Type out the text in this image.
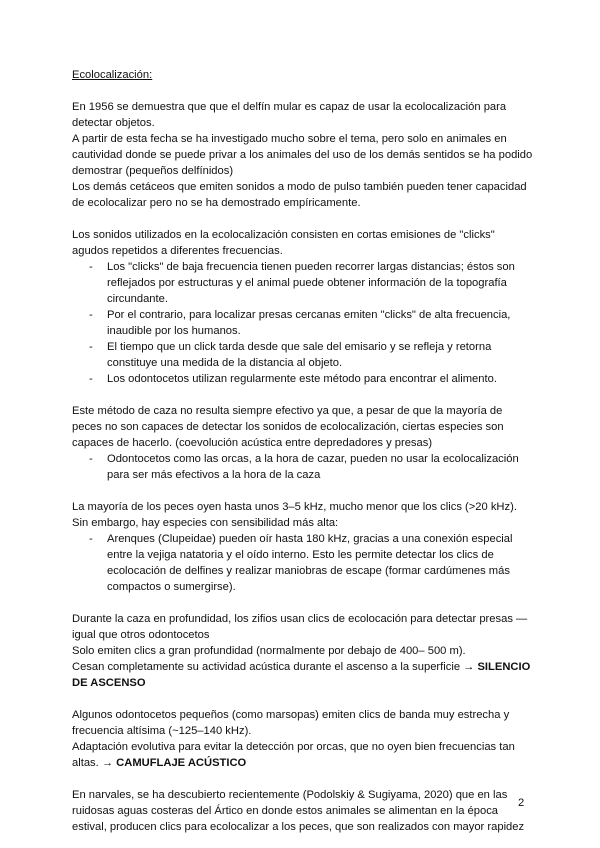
Ecolocalización:

En 1956 se demuestra que que el delfín mular es capaz de usar la ecolocalización para detectar objetos.

A partir de esta fecha se ha investigado mucho sobre el tema, pero solo en animales en cautividad donde se puede privar a los animales del uso de los demás sentidos se ha podido demostrar (pequeños delfínidos)

Los demás cetáceos que emiten sonidos a modo de pulso también pueden tener capacidad de ecolocalizar pero no se ha demostrado empíricamente.

Los sonidos utilizados en la ecolocalización consisten en cortas emisiones de "clicks" agudos repetidos a diferentes frecuencias.

- Los "clicks" de baja frecuencia tienen pueden recorrer largas distancias; éstos son reflejados por estructuras y el animal puede obtener información de la topografía circundante.
- Por el contrario, para localizar presas cercanas emiten "clicks" de alta frecuencia, inaudible por los humanos.
- El tiempo que un click tarda desde que sale del emisario y se refleja y retorna constituye una medida de la distancia al objeto.
- Los odontocetos utilizan regularmente este método para encontrar el alimento.

Este método de caza no resulta siempre efectivo ya que, a pesar de que la mayoría de peces no son capaces de detectar los sonidos de ecolocalización, ciertas especies son capaces de hacerlo. (coevolución acústica entre depredadores y presas)

- Odontocetos como las orcas, a la hora de cazar, pueden no usar la ecolocalización para ser más efectivos a la hora de la caza

La mayoría de los peces oyen hasta unos 3–5 kHz, mucho menor que los clics (>20 kHz). Sin embargo, hay especies con sensibilidad más alta:

- Arenques (Clupeidae) pueden oír hasta 180 kHz, gracias a una conexión especial entre la vejiga natatoria y el oído interno. Esto les permite detectar los clics de ecolocación de delfines y realizar maniobras de escape (formar cardúmenes más compactos o sumergirse).

Durante la caza en profundidad, los zifios usan clics de ecolocación para detectar presas —igual que otros odontocetos

Solo emiten clics a gran profundidad (normalmente por debajo de 400– 500 m).

Cesan completamente su actividad acústica durante el ascenso a la superficie → SILENCIO DE ASCENSO

Algunos odontocetos pequeños (como marsopas) emiten clics de banda muy estrecha y frecuencia altísima (~125–140 kHz).

Adaptación evolutiva para evitar la detección por orcas, que no oyen bien frecuencias tan altas. → CAMUFLAJE ACÚSTICO

En narvales, se ha descubierto recientemente (Podolskiy & Sugiyama, 2020) que en las ruidosas aguas costeras del Ártico en donde estos animales se alimentan en la época estival, producen clics para ecolocalizar a los peces, que son realizados con mayor rapidez

2
